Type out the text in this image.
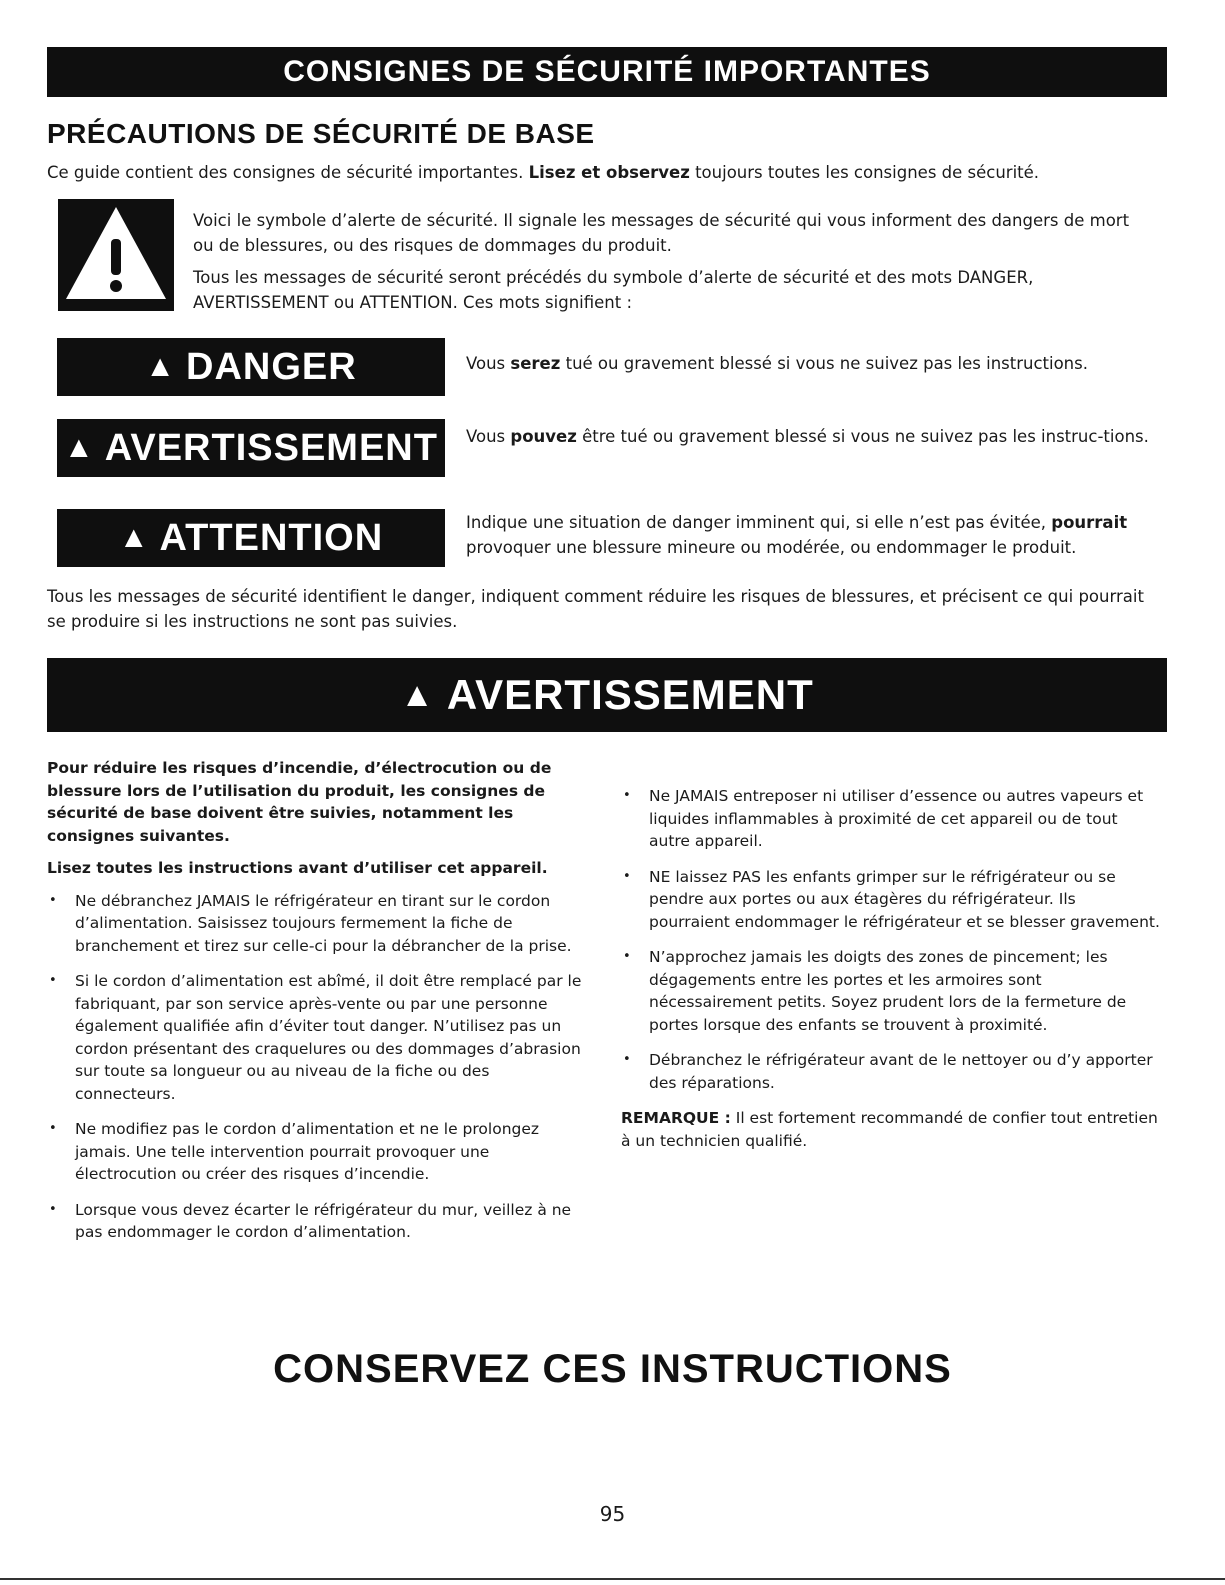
CONSIGNES DE SÉCURITÉ IMPORTANTES
PRÉCAUTIONS DE SÉCURITÉ DE BASE

Ce guide contient des consignes de sécurité importantes. Lisez et observez toujours toutes les consignes de sécurité.

Voici le symbole d’alerte de sécurité. Il signale les messages de sécurité qui vous informent des dangers de mort ou de blessures, ou des risques de dommages du produit.

Tous les messages de sécurité seront précédés du symbole d’alerte de sécurité et des mots DANGER, AVERTISSEMENT ou ATTENTION. Ces mots signifient :

▲ DANGER	Vous serez tué ou gravement blessé si vous ne suivez pas les instructions.

▲ AVERTISSEMENT Vous pouvez être tué ou gravement blessé si vous ne suivez pas les instruc-tions.

▲ ATTENTION	Indique une situation de danger imminent qui, si elle n’est pas évitée, pourrait provoquer une blessure mineure ou modérée, ou endommager le produit.

Tous les messages de sécurité identifient le danger, indiquent comment réduire les risques de blessures, et précisent ce qui pourrait se produire si les instructions ne sont pas suivies.

▲ AVERTISSEMENT

Pour réduire les risques d’incendie, d’électrocution ou de blessure lors de l’utilisation du produit, les consignes de sécurité de base doivent être suivies, notamment les consignes suivantes.

Lisez toutes les instructions avant d’utiliser cet appareil.

• Ne débranchez JAMAIS le réfrigérateur en tirant sur le cordon d’alimentation. Saisissez toujours fermement la fiche de branchement et tirez sur celle-ci pour la débrancher de la prise.
• Si le cordon d’alimentation est abîmé, il doit être remplacé par le fabriquant, par son service après-vente ou par une personne également qualifiée afin d’éviter tout danger. N’utilisez pas un cordon présentant des craquelures ou des dommages d’abrasion sur toute sa longueur ou au niveau de la fiche ou des connecteurs.
• Ne modifiez pas le cordon d’alimentation et ne le prolongez jamais. Une telle intervention pourrait provoquer une électrocution ou créer des risques d’incendie.
• Lorsque vous devez écarter le réfrigérateur du mur, veillez à ne pas endommager le cordon d’alimentation.
• Ne JAMAIS entreposer ni utiliser d’essence ou autres vapeurs et liquides inflammables à proximité de cet appareil ou de tout autre appareil.
• NE laissez PAS les enfants grimper sur le réfrigérateur ou se pendre aux portes ou aux étagères du réfrigérateur. Ils pourraient endommager le réfrigérateur et se blesser gravement.
• N’approchez jamais les doigts des zones de pincement; les dégagements entre les portes et les armoires sont nécessairement petits. Soyez prudent lors de la fermeture de portes lorsque des enfants se trouvent à proximité.
• Débranchez le réfrigérateur avant de le nettoyer ou d’y apporter des réparations.

REMARQUE : Il est fortement recommandé de confier tout entretien à un technicien qualifié.

CONSERVEZ CES INSTRUCTIONS
95
